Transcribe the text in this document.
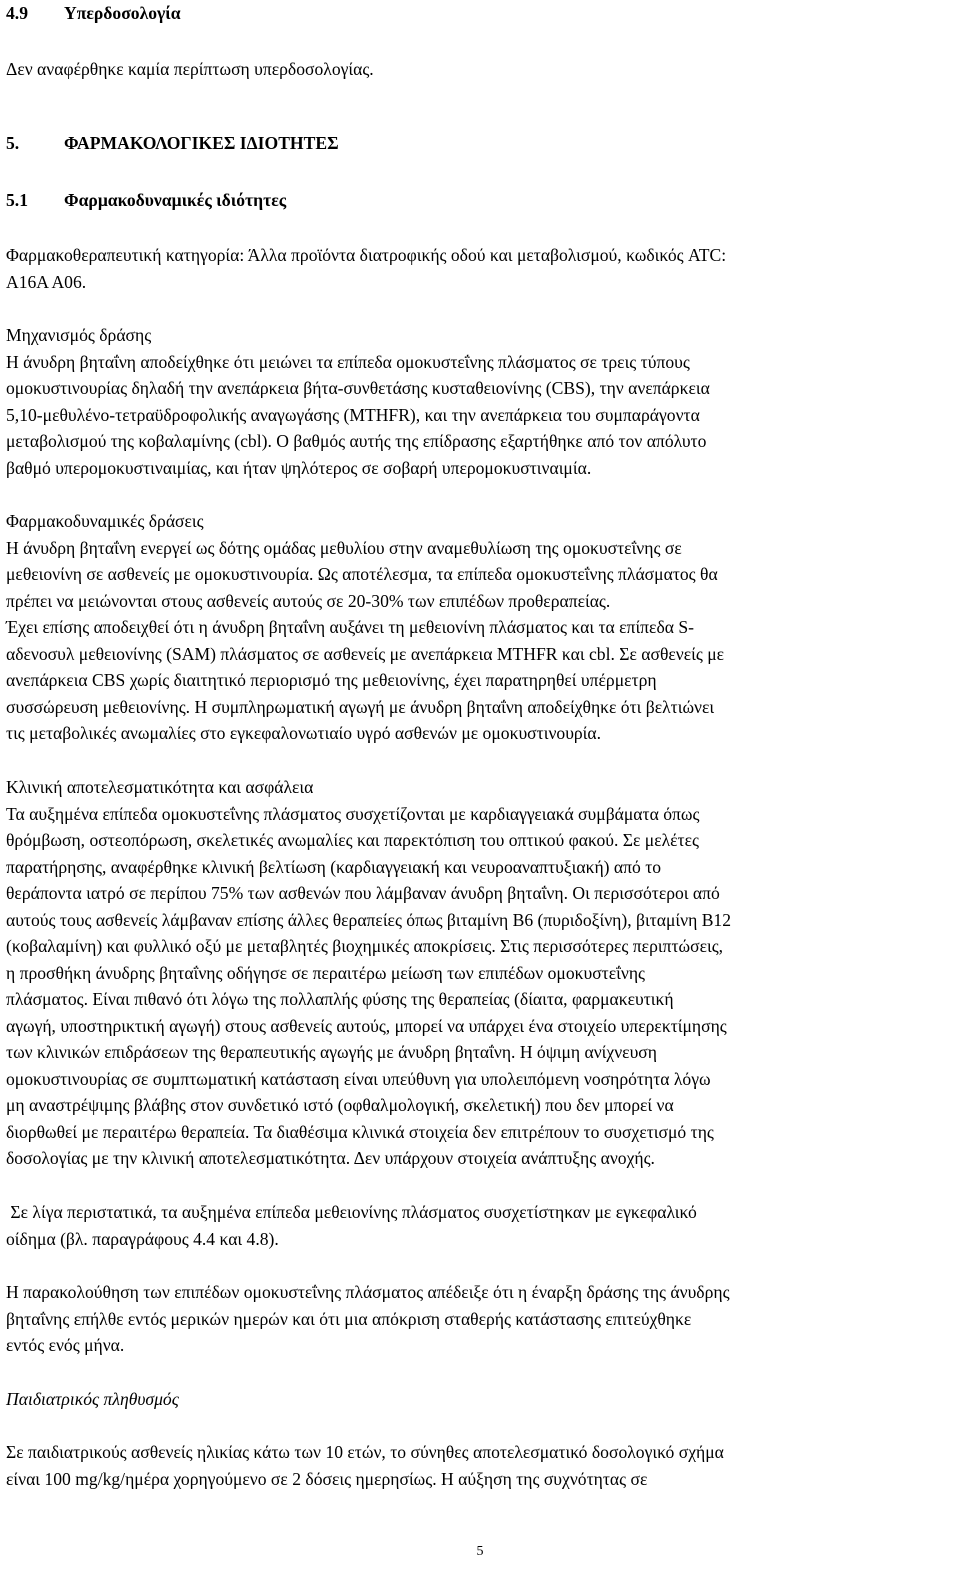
4.9 Υπερδοσολογία
Δεν αναφέρθηκε καμία περίπτωση υπερδοσολογίας.
5.	ΦΑΡΜΑΚΟΛΟΓΙΚΕΣ ΙΔΙΟΤΗΤΕΣ
5.1 Φαρμακοδυναμικές ιδιότητες
Φαρμακοθεραπευτική κατηγορία: Άλλα προϊόντα διατροφικής οδού και μεταβολισμού, κωδικός ATC:
A16A A06.
Μηχανισμός δράσης
Η άνυδρη βηταΐνη αποδείχθηκε ότι μειώνει τα επίπεδα ομοκυστεΐνης πλάσματος σε τρεις τύπους
ομοκυστινουρίας δηλαδή την ανεπάρκεια βήτα-συνθετάσης κυσταθειονίνης (CBS), την ανεπάρκεια
5,10-μεθυλένο-τετραϋδροφολικής αναγωγάσης (MTHFR), και την ανεπάρκεια του συμπαράγοντα
μεταβολισμού της κοβαλαμίνης (cbl). Ο βαθμός αυτής της επίδρασης εξαρτήθηκε από τον απόλυτο
βαθμό υπερομοκυστιναιμίας, και ήταν ψηλότερος σε σοβαρή υπερομοκυστιναιμία.
Φαρμακοδυναμικές δράσεις
Η άνυδρη βηταΐνη ενεργεί ως δότης ομάδας μεθυλίου στην αναμεθυλίωση της ομοκυστεΐνης σε
μεθειονίνη σε ασθενείς με ομοκυστινουρία. Ως αποτέλεσμα, τα επίπεδα ομοκυστεΐνης πλάσματος θα
πρέπει να μειώνονται στους ασθενείς αυτούς σε 20-30% των επιπέδων προθεραπείας.
Έχει επίσης αποδειχθεί ότι η άνυδρη βηταΐνη αυξάνει τη μεθειονίνη πλάσματος και τα επίπεδα S-
αδενοσυλ μεθειονίνης (SAM) πλάσματος σε ασθενείς με ανεπάρκεια MTHFR και cbl. Σε ασθενείς με
ανεπάρκεια CBS χωρίς διαιτητικό περιορισμό της μεθειονίνης, έχει παρατηρηθεί υπέρμετρη
συσσώρευση μεθειονίνης. Η συμπληρωματική αγωγή με άνυδρη βηταΐνη αποδείχθηκε ότι βελτιώνει
τις μεταβολικές ανωμαλίες στο εγκεφαλονωτιαίο υγρό ασθενών με ομοκυστινουρία.
Κλινική αποτελεσματικότητα και ασφάλεια
Τα αυξημένα επίπεδα ομοκυστεΐνης πλάσματος συσχετίζονται με καρδιαγγειακά συμβάματα όπως
θρόμβωση, οστεοπόρωση, σκελετικές ανωμαλίες και παρεκτόπιση του οπτικού φακού. Σε μελέτες
παρατήρησης, αναφέρθηκε κλινική βελτίωση (καρδιαγγειακή και νευροαναπτυξιακή) από το
θεράποντα ιατρό σε περίπου 75% των ασθενών που λάμβαναν άνυδρη βηταΐνη. Οι περισσότεροι από
αυτούς τους ασθενείς λάμβαναν επίσης άλλες θεραπείες όπως βιταμίνη B6 (πυριδοξίνη), βιταμίνη B12
(κοβαλαμίνη) και φυλλικό οξύ με μεταβλητές βιοχημικές αποκρίσεις. Στις περισσότερες περιπτώσεις,
η προσθήκη άνυδρης βηταΐνης οδήγησε σε περαιτέρω μείωση των επιπέδων ομοκυστεΐνης
πλάσματος. Είναι πιθανό ότι λόγω της πολλαπλής φύσης της θεραπείας (δίαιτα, φαρμακευτική
αγωγή, υποστηρικτική αγωγή) στους ασθενείς αυτούς, μπορεί να υπάρχει ένα στοιχείο υπερεκτίμησης
των κλινικών επιδράσεων της θεραπευτικής αγωγής με άνυδρη βηταΐνη. Η όψιμη ανίχνευση
ομοκυστινουρίας σε συμπτωματική κατάσταση είναι υπεύθυνη για υπολειπόμενη νοσηρότητα λόγω
μη αναστρέψιμης βλάβης στον συνδετικό ιστό (οφθαλμολογική, σκελετική) που δεν μπορεί να
διορθωθεί με περαιτέρω θεραπεία. Τα διαθέσιμα κλινικά στοιχεία δεν επιτρέπουν το συσχετισμό της
δοσολογίας με την κλινική αποτελεσματικότητα. Δεν υπάρχουν στοιχεία ανάπτυξης ανοχής.
Σε λίγα περιστατικά, τα αυξημένα επίπεδα μεθειονίνης πλάσματος συσχετίστηκαν με εγκεφαλικό
οίδημα (βλ. παραγράφους 4.4 και 4.8).
Η παρακολούθηση των επιπέδων ομοκυστεΐνης πλάσματος απέδειξε ότι η έναρξη δράσης της άνυδρης
βηταΐνης επήλθε εντός μερικών ημερών και ότι μια απόκριση σταθερής κατάστασης επιτεύχθηκε
εντός ενός μήνα.
Παιδιατρικός πληθυσμός
Σε παιδιατρικούς ασθενείς ηλικίας κάτω των 10 ετών, το σύνηθες αποτελεσματικό δοσολογικό σχήμα
είναι 100 mg/kg/ημέρα χορηγούμενο σε 2 δόσεις ημερησίως. Η αύξηση της συχνότητας σε
5
